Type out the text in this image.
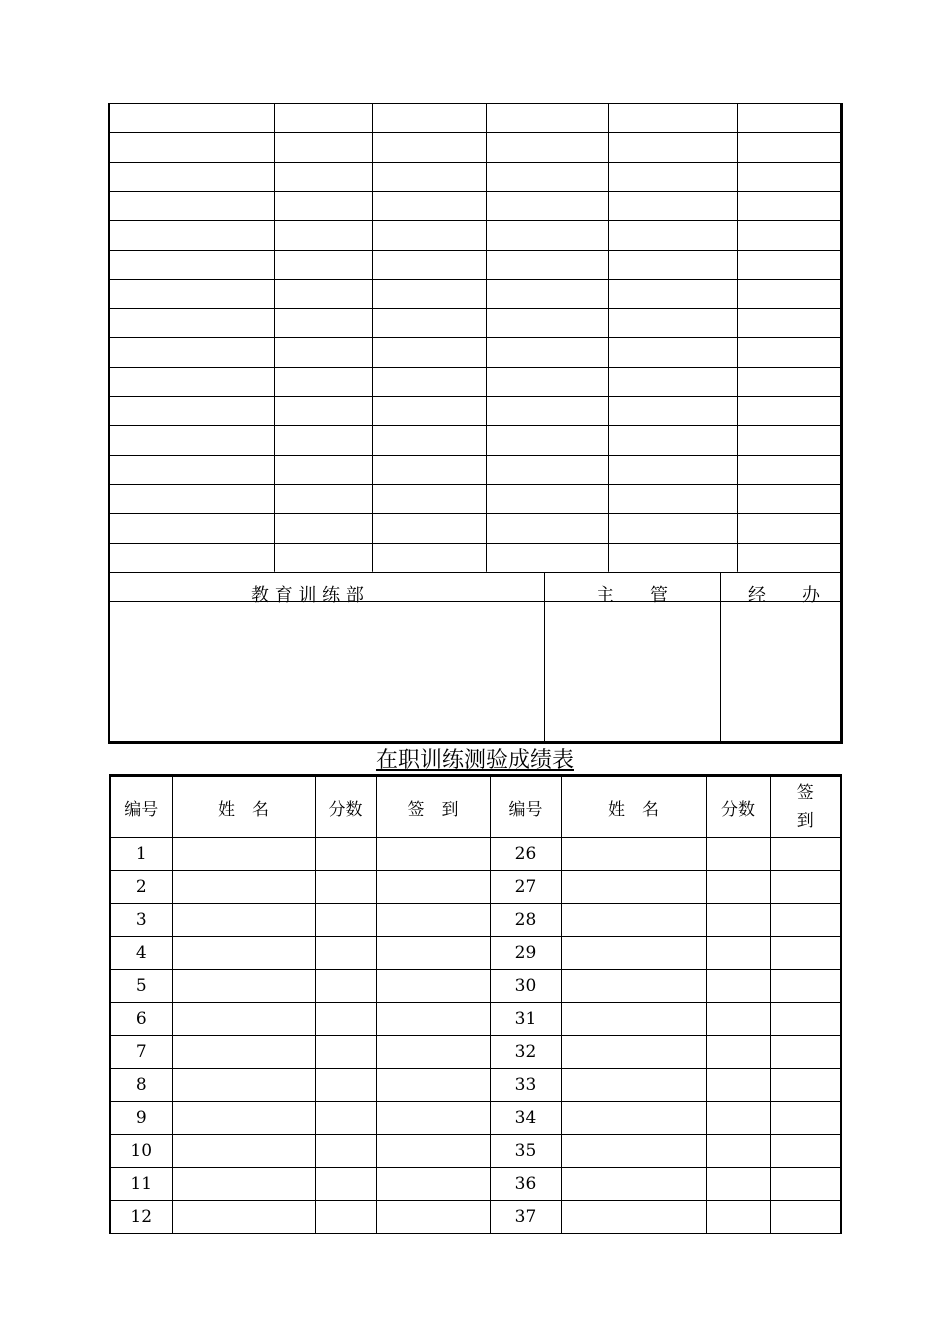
教 育 训 练 部	主　　管	经　　办
在职训练测验成绩表
编号	姓　名	分数	签　到	编号	姓　名	分数	签到
1				26			
2				27			
3				28			
4				29			
5				30			
6				31			
7				32			
8				33			
9				34			
10				35			
11				36			
12				37			
